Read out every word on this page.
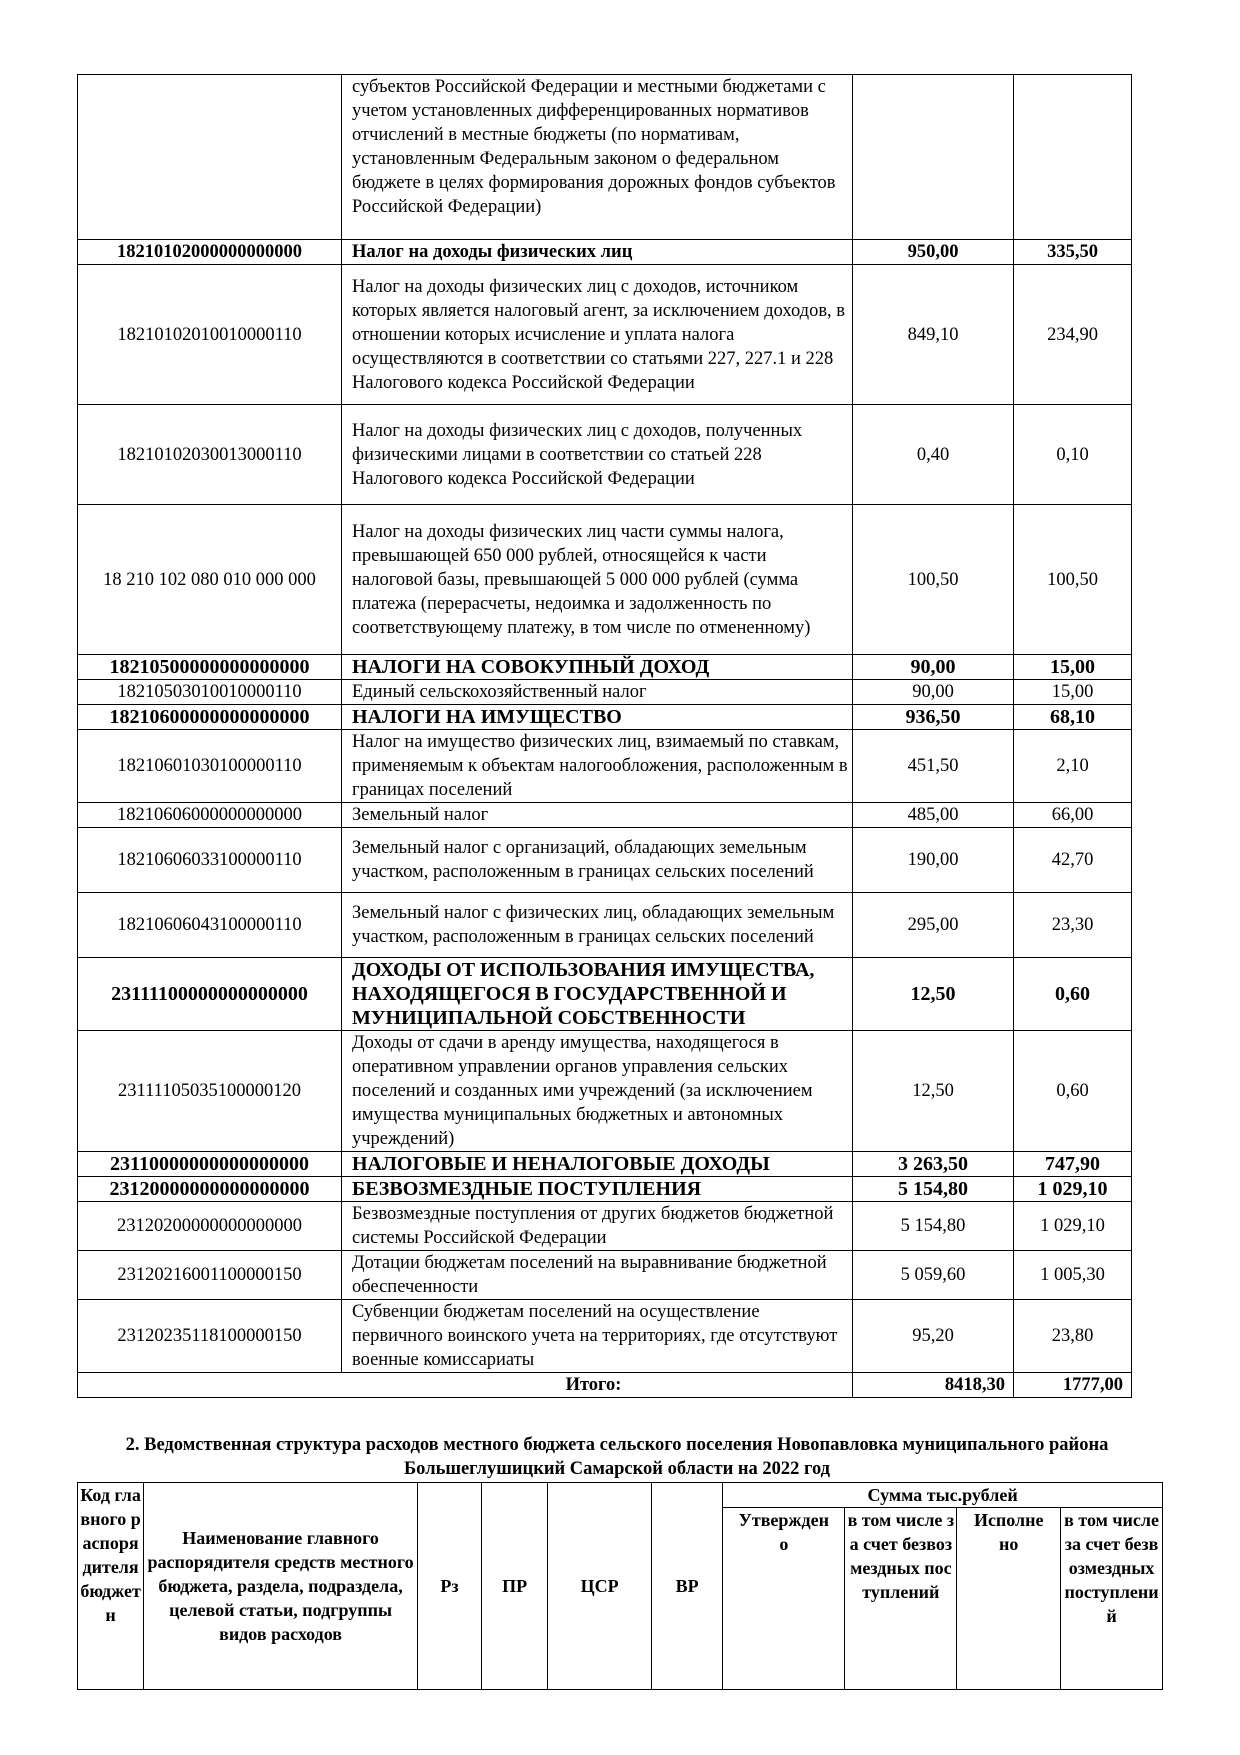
	субъектов Российской Федерации и местными бюджетами с учетом установленных дифференцированных нормативов отчислений в местные бюджеты (по нормативам, установленным Федеральным законом о федеральном бюджете в целях формирования дорожных фондов субъектов Российской Федерации)		
18210102000000000000	Налог на доходы физических лиц	950,00	335,50
18210102010010000110	Налог на доходы физических лиц с доходов, источником которых является налоговый агент, за исключением доходов, в отношении которых исчисление и уплата налога осуществляются в соответствии со статьями 227, 227.1 и 228 Налогового кодекса Российской Федерации	849,10	234,90
18210102030013000110	Налог на доходы физических лиц с доходов, полученных физическими лицами в соответствии со статьей 228 Налогового кодекса Российской Федерации	0,40	0,10
18 210 102 080 010 000 000	Налог на доходы физических лиц части суммы налога, превышающей 650 000 рублей, относящейся к части налоговой базы, превышающей 5 000 000 рублей (сумма платежа (перерасчеты, недоимка и задолженность по соответствующему платежу, в том числе по отмененному)	100,50	100,50
18210500000000000000	НАЛОГИ НА СОВОКУПНЫЙ ДОХОД	90,00	15,00
18210503010010000110	Единый сельскохозяйственный налог	90,00	15,00
18210600000000000000	НАЛОГИ НА ИМУЩЕСТВО	936,50	68,10
18210601030100000110	Налог на имущество физических лиц, взимаемый по ставкам, применяемым к объектам налогообложения, расположенным в границах поселений	451,50	2,10
18210606000000000000	Земельный налог	485,00	66,00
18210606033100000110	Земельный налог с организаций, обладающих земельным участком, расположенным в границах сельских поселений	190,00	42,70
18210606043100000110	Земельный налог с физических лиц, обладающих земельным участком, расположенным в границах сельских поселений	295,00	23,30
23111100000000000000	ДОХОДЫ ОТ ИСПОЛЬЗОВАНИЯ ИМУЩЕСТВА, НАХОДЯЩЕГОСЯ В ГОСУДАРСТВЕННОЙ И МУНИЦИПАЛЬНОЙ СОБСТВЕННОСТИ	12,50	0,60
23111105035100000120	Доходы от сдачи в аренду имущества, находящегося в оперативном управлении органов управления сельских поселений и созданных ими учреждений (за исключением имущества муниципальных бюджетных и автономных учреждений)	12,50	0,60
23110000000000000000	НАЛОГОВЫЕ И НЕНАЛОГОВЫЕ ДОХОДЫ	3 263,50	747,90
23120000000000000000	БЕЗВОЗМЕЗДНЫЕ ПОСТУПЛЕНИЯ	5 154,80	1 029,10
23120200000000000000	Безвозмездные поступления от других бюджетов бюджетной системы Российской Федерации	5 154,80	1 029,10
23120216001100000150	Дотации бюджетам поселений на выравнивание бюджетной обеспеченности	5 059,60	1 005,30
23120235118100000150	Субвенции бюджетам поселений на осуществление первичного воинского учета на территориях, где отсутствуют военные комиссариаты	95,20	23,80
Итого:		8418,30	1777,00
2. Ведомственная структура расходов местного бюджета сельского поселения Новопавловка муниципального района Большеглушицкий Самарской области на 2022 год
Код главного распорядителя бюджетн	Наименование главного распорядителя средств местного бюджета, раздела, подраздела, целевой статьи, подгруппы видов расходов	Рз	ПР	ЦСР	ВР	Сумма тыс.рублей			
						Утверждено	в том числе за счет безвозмездных поступлений	Исполнено	в том числе за счет безвозмездных поступлений
